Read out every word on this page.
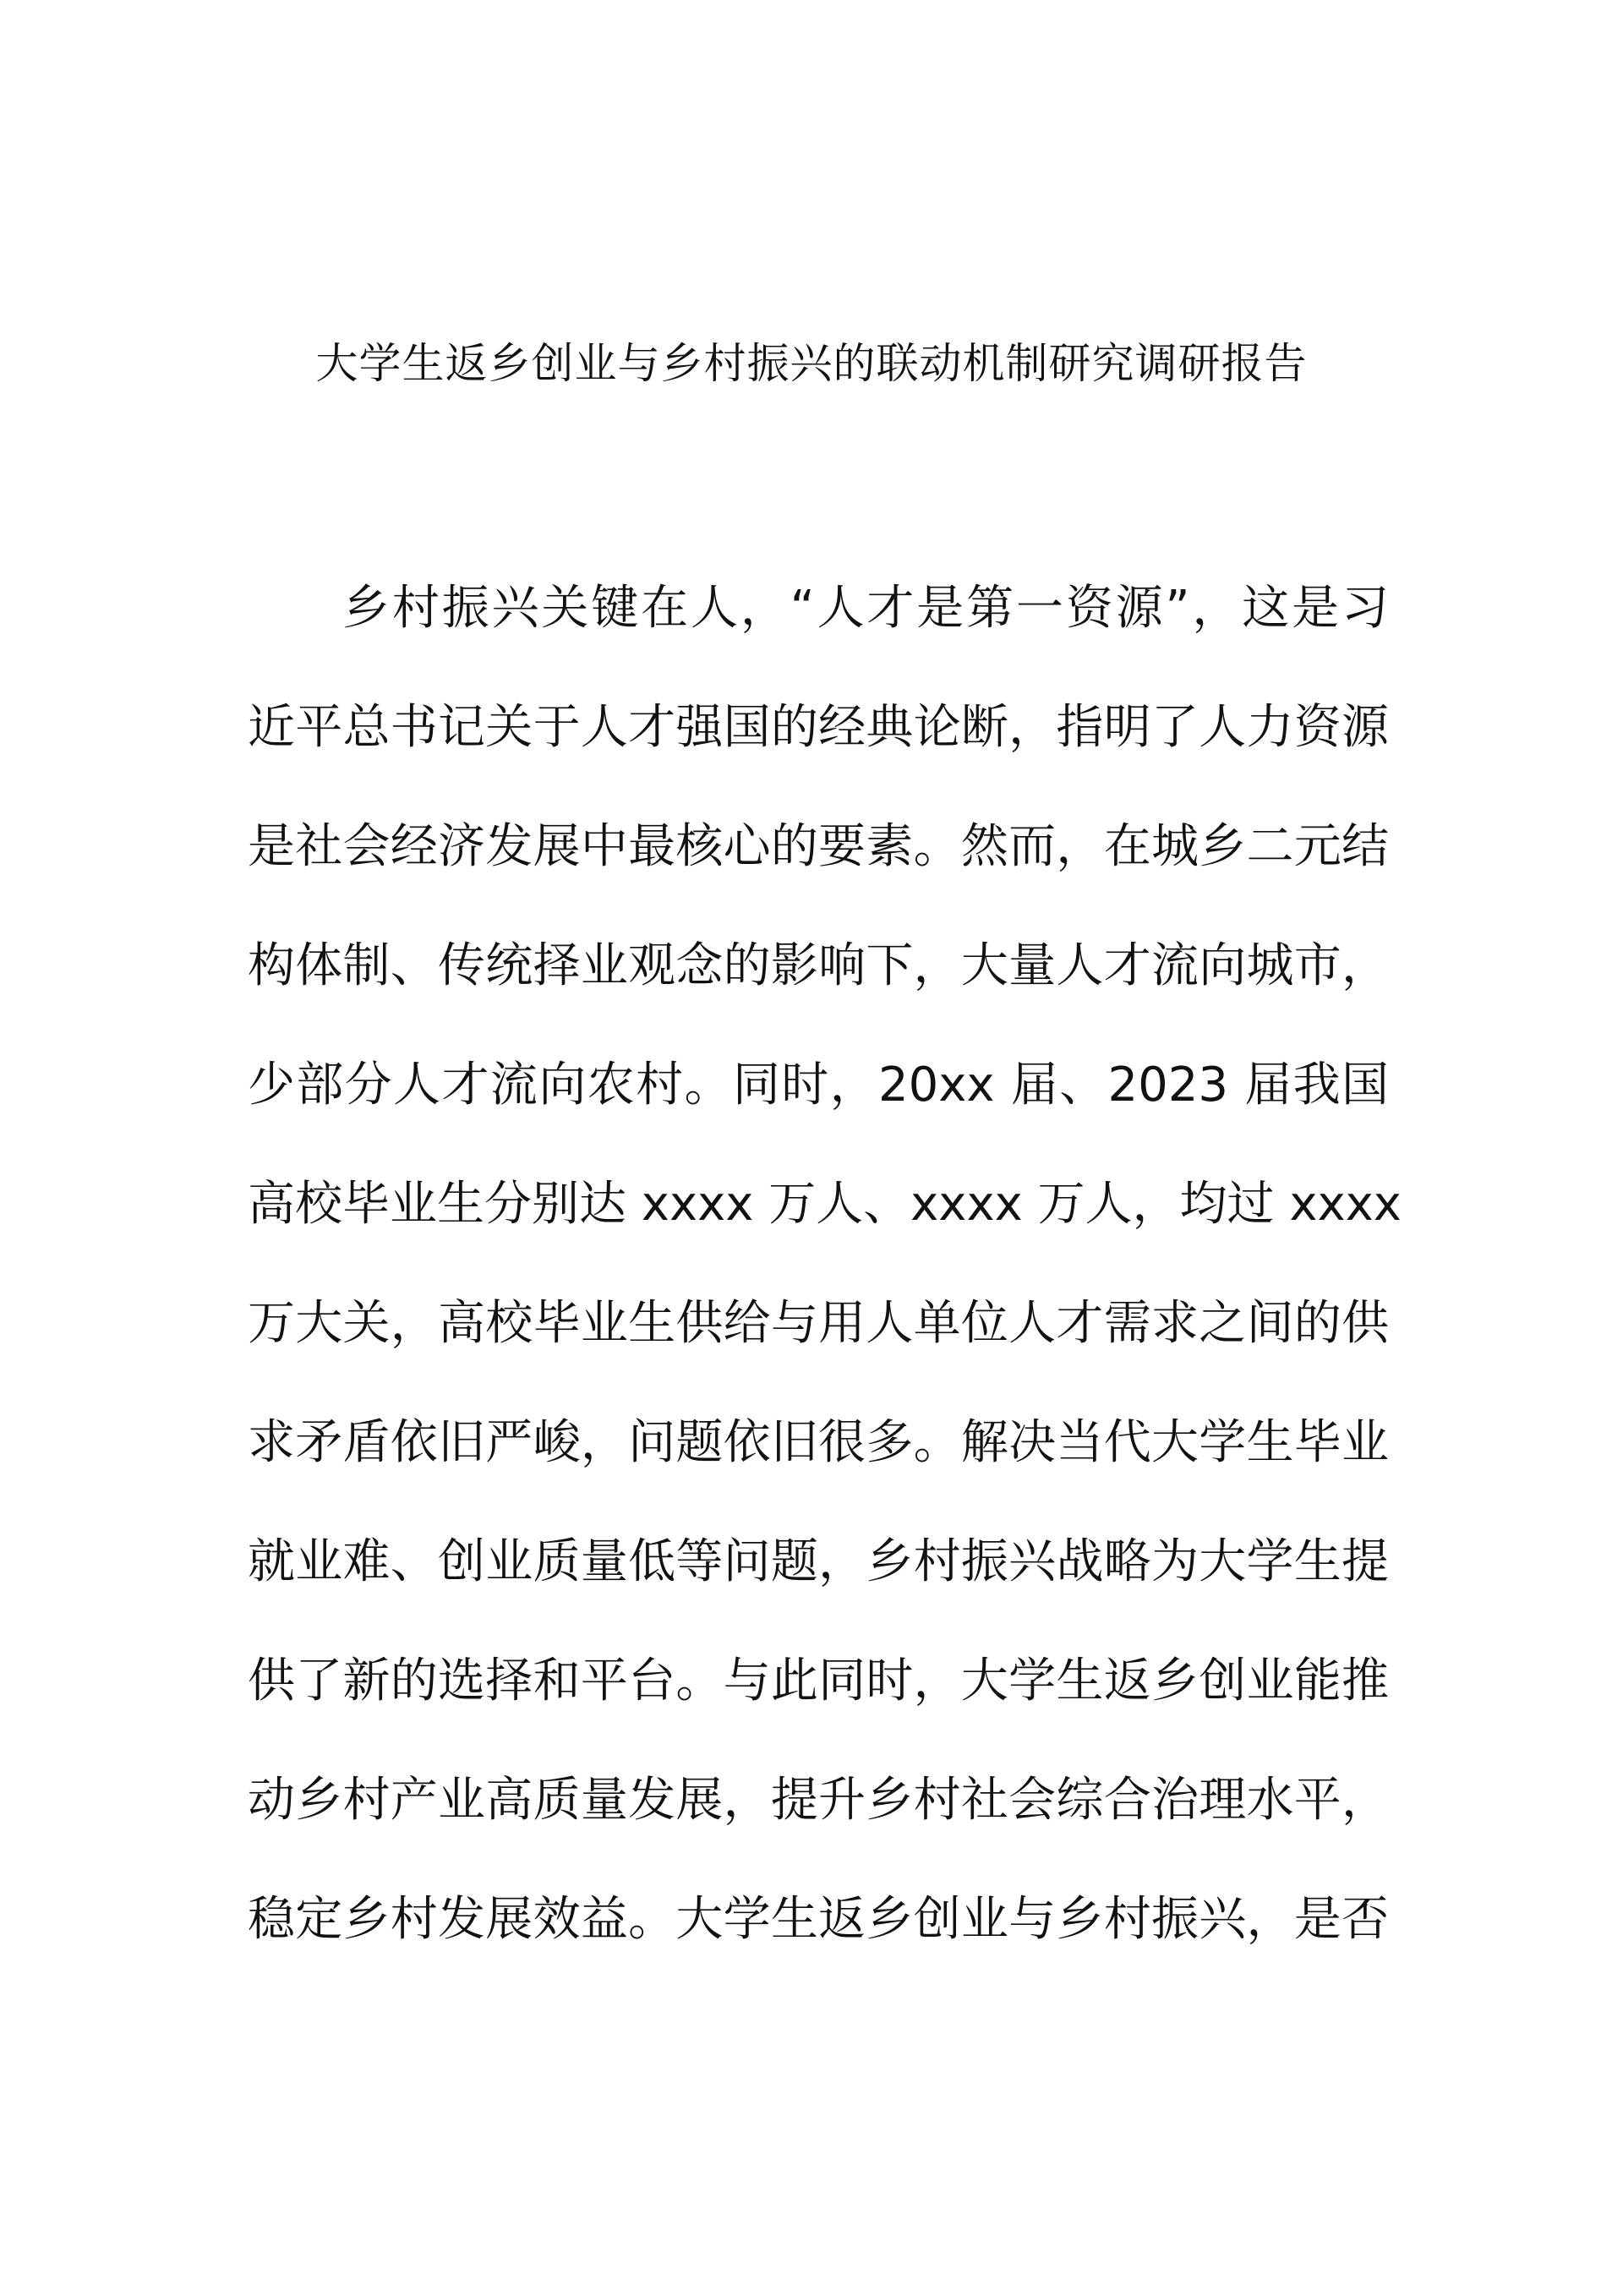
大学生返乡创业与乡村振兴的联动机制研究调研报告
乡村振兴关键在人，“人才是第一资源”，这是习
近平总书记关于人才强国的经典论断，指明了人力资源
是社会经济发展中最核心的要素。然而，在城乡二元结
构体制、传统择业观念的影响下，大量人才流向城市，
少部分人才流向农村。同时，20xx 届、2023 届我国
高校毕业生分别达 xxxx 万人、xxxx 万人，均过 xxxx
万大关，高校毕业生供给与用人单位人才需求之间的供
求矛盾依旧严峻，问题依旧很多。解决当代大学生毕业
就业难、创业质量低等问题，乡村振兴战略为大学生提
供了新的选择和平台。与此同时，大学生返乡创业能推
动乡村产业高质量发展，提升乡村社会综合治理水平，
稳定乡村发展效益。大学生返乡创业与乡村振兴，是否
